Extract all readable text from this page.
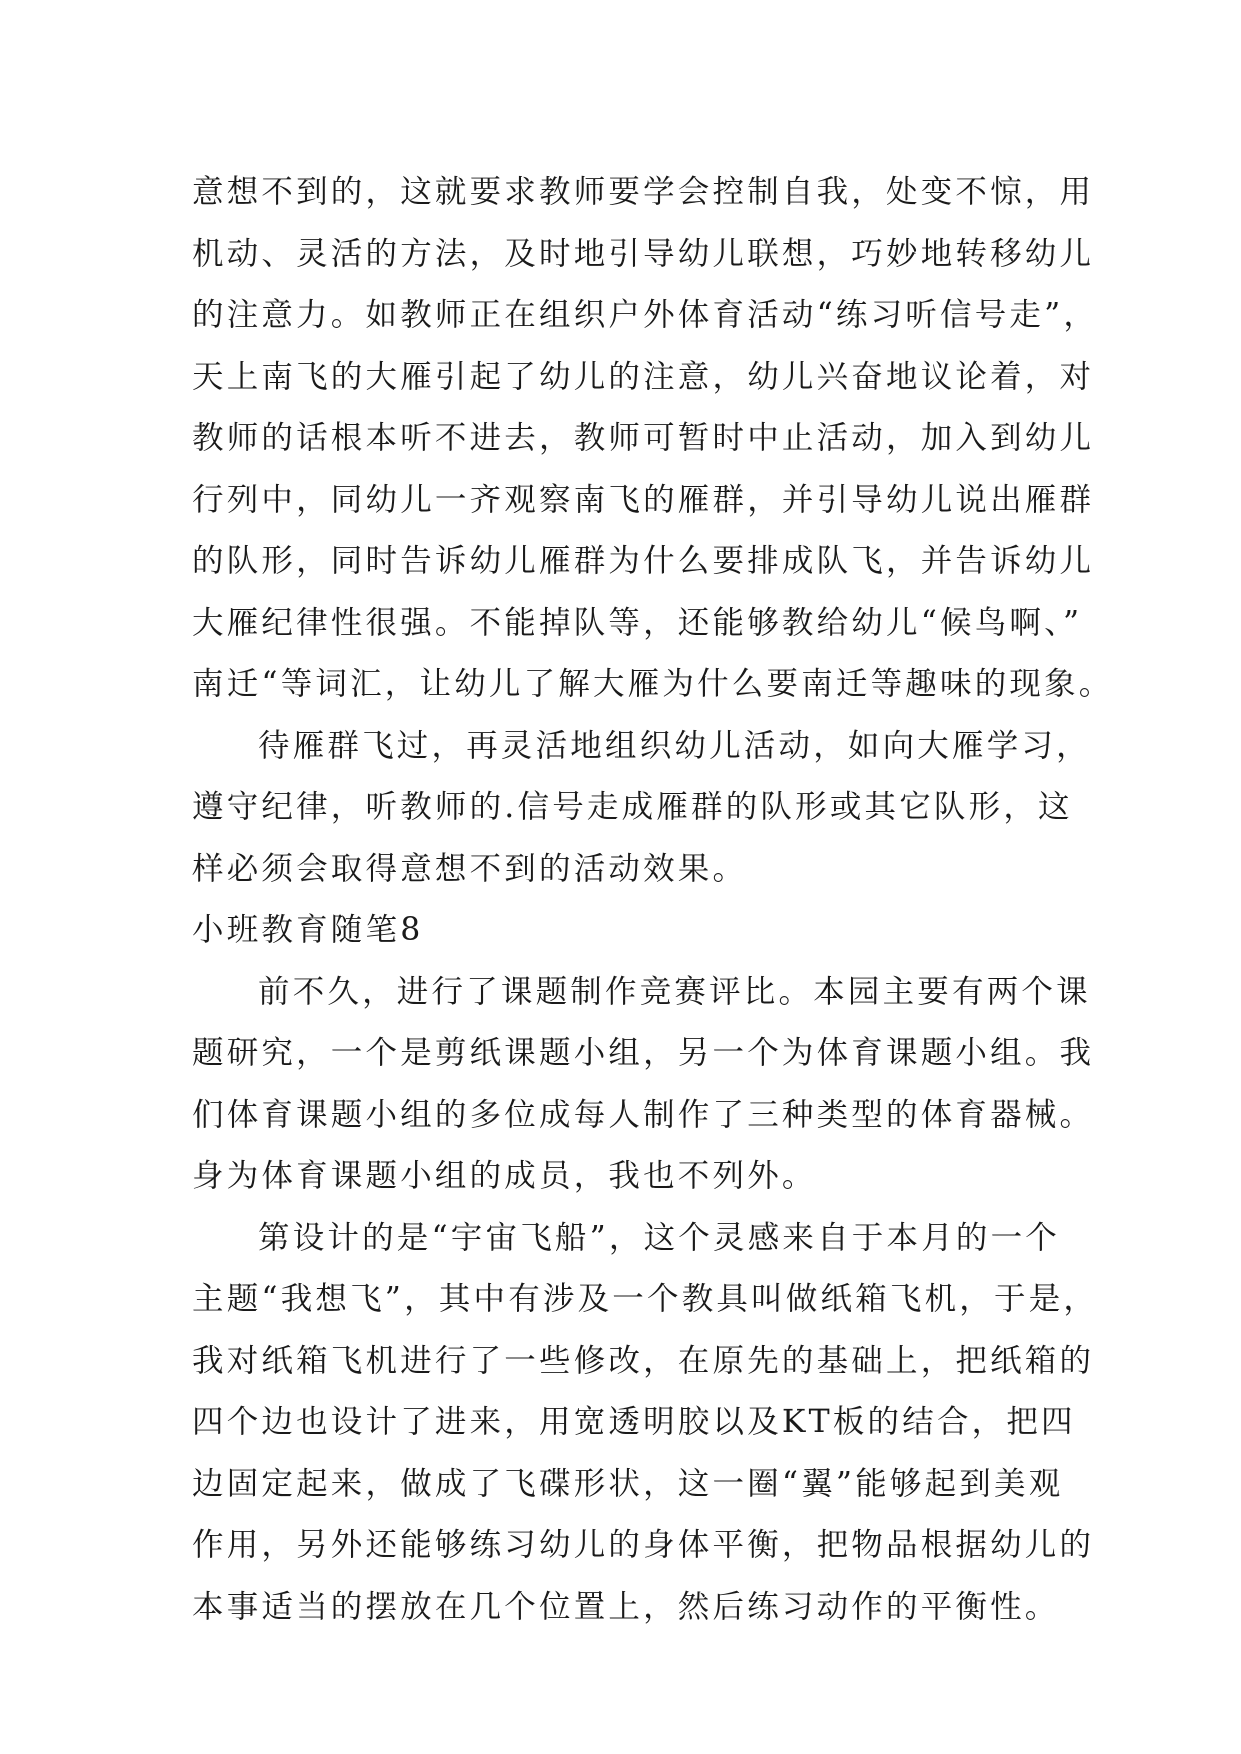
意想不到的，这就要求教师要学会控制自我，处变不惊，用
机动、灵活的方法，及时地引导幼儿联想，巧妙地转移幼儿
的注意力。如教师正在组织户外体育活动“练习听信号走”，
天上南飞的大雁引起了幼儿的注意，幼儿兴奋地议论着，对
教师的话根本听不进去，教师可暂时中止活动，加入到幼儿
行列中，同幼儿一齐观察南飞的雁群，并引导幼儿说出雁群
的队形，同时告诉幼儿雁群为什么要排成队飞，并告诉幼儿
大雁纪律性很强。不能掉队等，还能够教给幼儿“候鸟啊、”
南迁“等词汇，让幼儿了解大雁为什么要南迁等趣味的现象。
待雁群飞过，再灵活地组织幼儿活动，如向大雁学习，
遵守纪律，听教师的.信号走成雁群的队形或其它队形，这
样必须会取得意想不到的活动效果。
小班教育随笔8
前不久，进行了课题制作竞赛评比。本园主要有两个课
题研究，一个是剪纸课题小组，另一个为体育课题小组。我
们体育课题小组的多位成每人制作了三种类型的体育器械。
身为体育课题小组的成员，我也不列外。
第设计的是“宇宙飞船”，这个灵感来自于本月的一个
主题“我想飞”，其中有涉及一个教具叫做纸箱飞机，于是，
我对纸箱飞机进行了一些修改，在原先的基础上，把纸箱的
四个边也设计了进来，用宽透明胶以及KT板的结合，把四
边固定起来，做成了飞碟形状，这一圈“翼”能够起到美观
作用，另外还能够练习幼儿的身体平衡，把物品根据幼儿的
本事适当的摆放在几个位置上，然后练习动作的平衡性。
